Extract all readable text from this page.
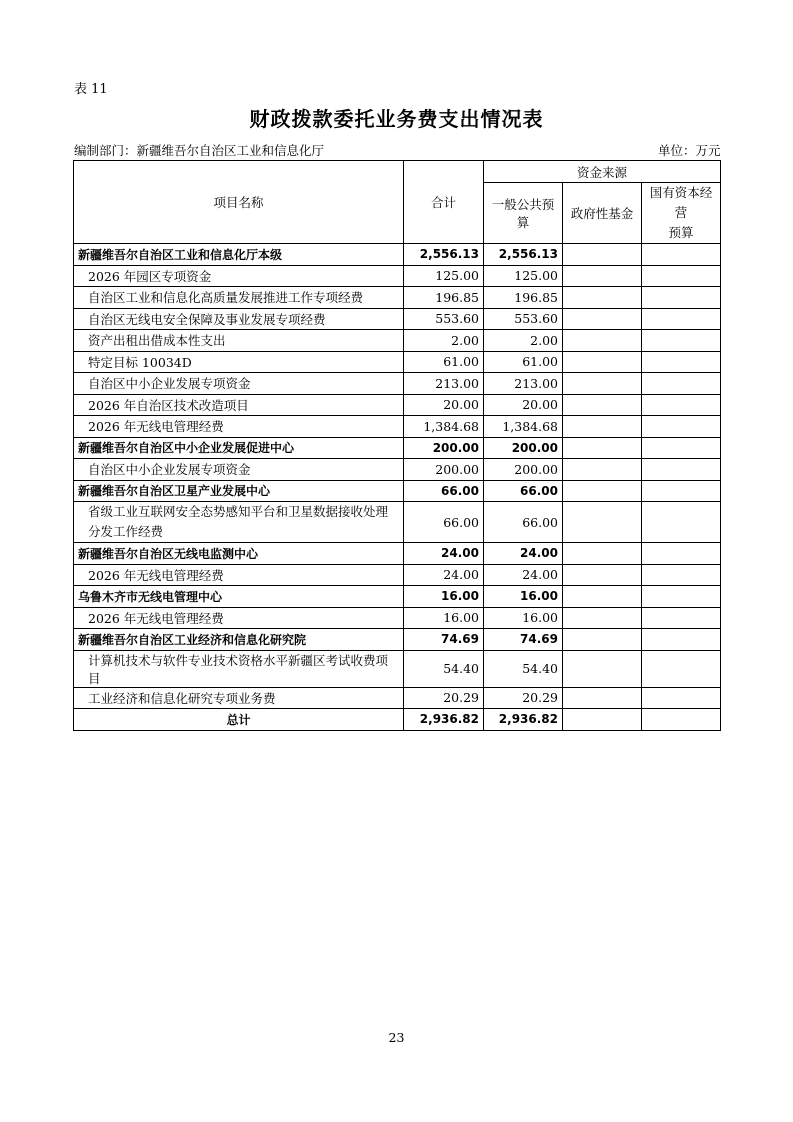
表 11
财政拨款委托业务费支出情况表
编制部门：新疆维吾尔自治区工业和信息化厅	单位：万元
项目名称	合计	资金来源		
		一般公共预算	政府性基金	国有资本经营
预算
新疆维吾尔自治区工业和信息化厅本级	2,556.13	2,556.13		
2026 年园区专项资金	125.00	125.00		
自治区工业和信息化高质量发展推进工作专项经费	196.85	196.85		
自治区无线电安全保障及事业发展专项经费	553.60	553.60		
资产出租出借成本性支出	2.00	2.00		
特定目标 10034D	61.00	61.00		
自治区中小企业发展专项资金	213.00	213.00		
2026 年自治区技术改造项目	20.00	20.00		
2026 年无线电管理经费	1,384.68	1,384.68		
新疆维吾尔自治区中小企业发展促进中心	200.00	200.00		
自治区中小企业发展专项资金	200.00	200.00		
新疆维吾尔自治区卫星产业发展中心	66.00	66.00		
省级工业互联网安全态势感知平台和卫星数据接收处理分发工作经费	66.00	66.00		
新疆维吾尔自治区无线电监测中心	24.00	24.00		
2026 年无线电管理经费	24.00	24.00		
乌鲁木齐市无线电管理中心	16.00	16.00		
2026 年无线电管理经费	16.00	16.00		
新疆维吾尔自治区工业经济和信息化研究院	74.69	74.69		
计算机技术与软件专业技术资格水平新疆区考试收费项目	54.40	54.40		
工业经济和信息化研究专项业务费	20.29	20.29		
总计	2,936.82	2,936.82		
23
